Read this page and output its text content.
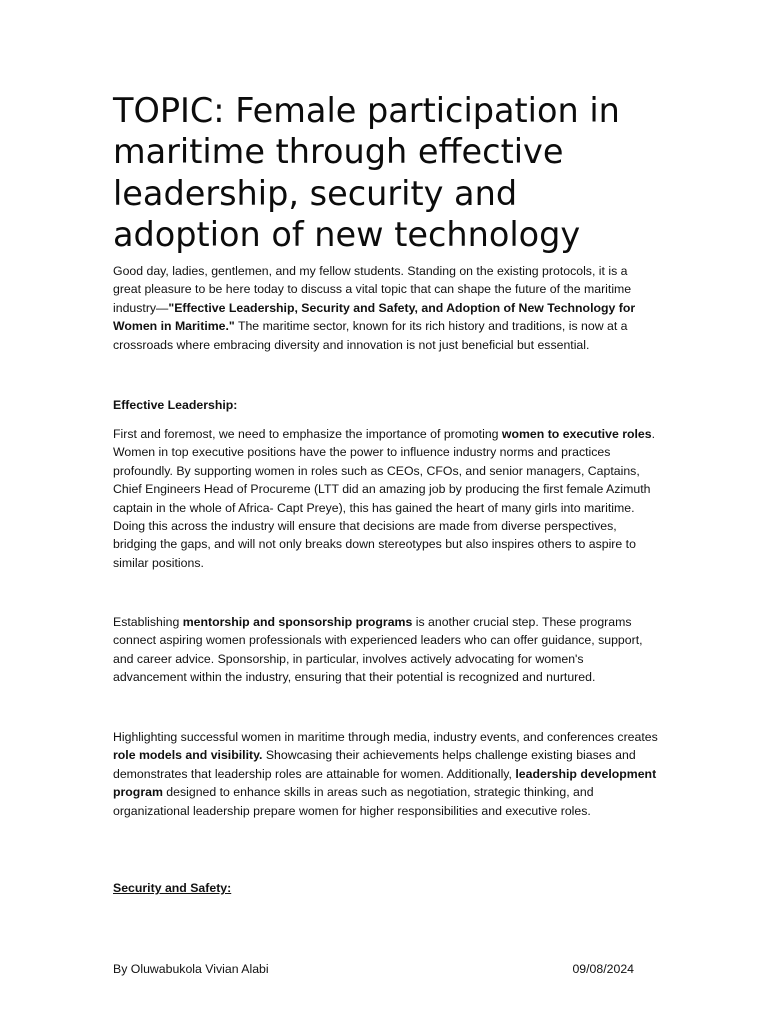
TOPIC: Female participation in maritime through effective leadership, security and adoption of new technology

Good day, ladies, gentlemen, and my fellow students. Standing on the existing protocols, it is a great pleasure to be here today to discuss a vital topic that can shape the future of the maritime industry—"Effective Leadership, Security and Safety, and Adoption of New Technology for Women in Maritime." The maritime sector, known for its rich history and traditions, is now at a crossroads where embracing diversity and innovation is not just beneficial but essential.

Effective Leadership:

First and foremost, we need to emphasize the importance of promoting women to executive roles. Women in top executive positions have the power to influence industry norms and practices profoundly. By supporting women in roles such as CEOs, CFOs, and senior managers, Captains, Chief Engineers Head of Procureme (LTT did an amazing job by producing the first female Azimuth captain in the whole of Africa- Capt Preye), this has gained the heart of many girls into maritime. Doing this across the industry will ensure that decisions are made from diverse perspectives, bridging the gaps, and will not only breaks down stereotypes but also inspires others to aspire to similar positions.

Establishing mentorship and sponsorship programs is another crucial step. These programs connect aspiring women professionals with experienced leaders who can offer guidance, support, and career advice. Sponsorship, in particular, involves actively advocating for women's advancement within the industry, ensuring that their potential is recognized and nurtured.

Highlighting successful women in maritime through media, industry events, and conferences creates role models and visibility. Showcasing their achievements helps challenge existing biases and demonstrates that leadership roles are attainable for women. Additionally, leadership development program designed to enhance skills in areas such as negotiation, strategic thinking, and organizational leadership prepare women for higher responsibilities and executive roles.

Security and Safety:

By Oluwabukola Vivian Alabi	09/08/2024
